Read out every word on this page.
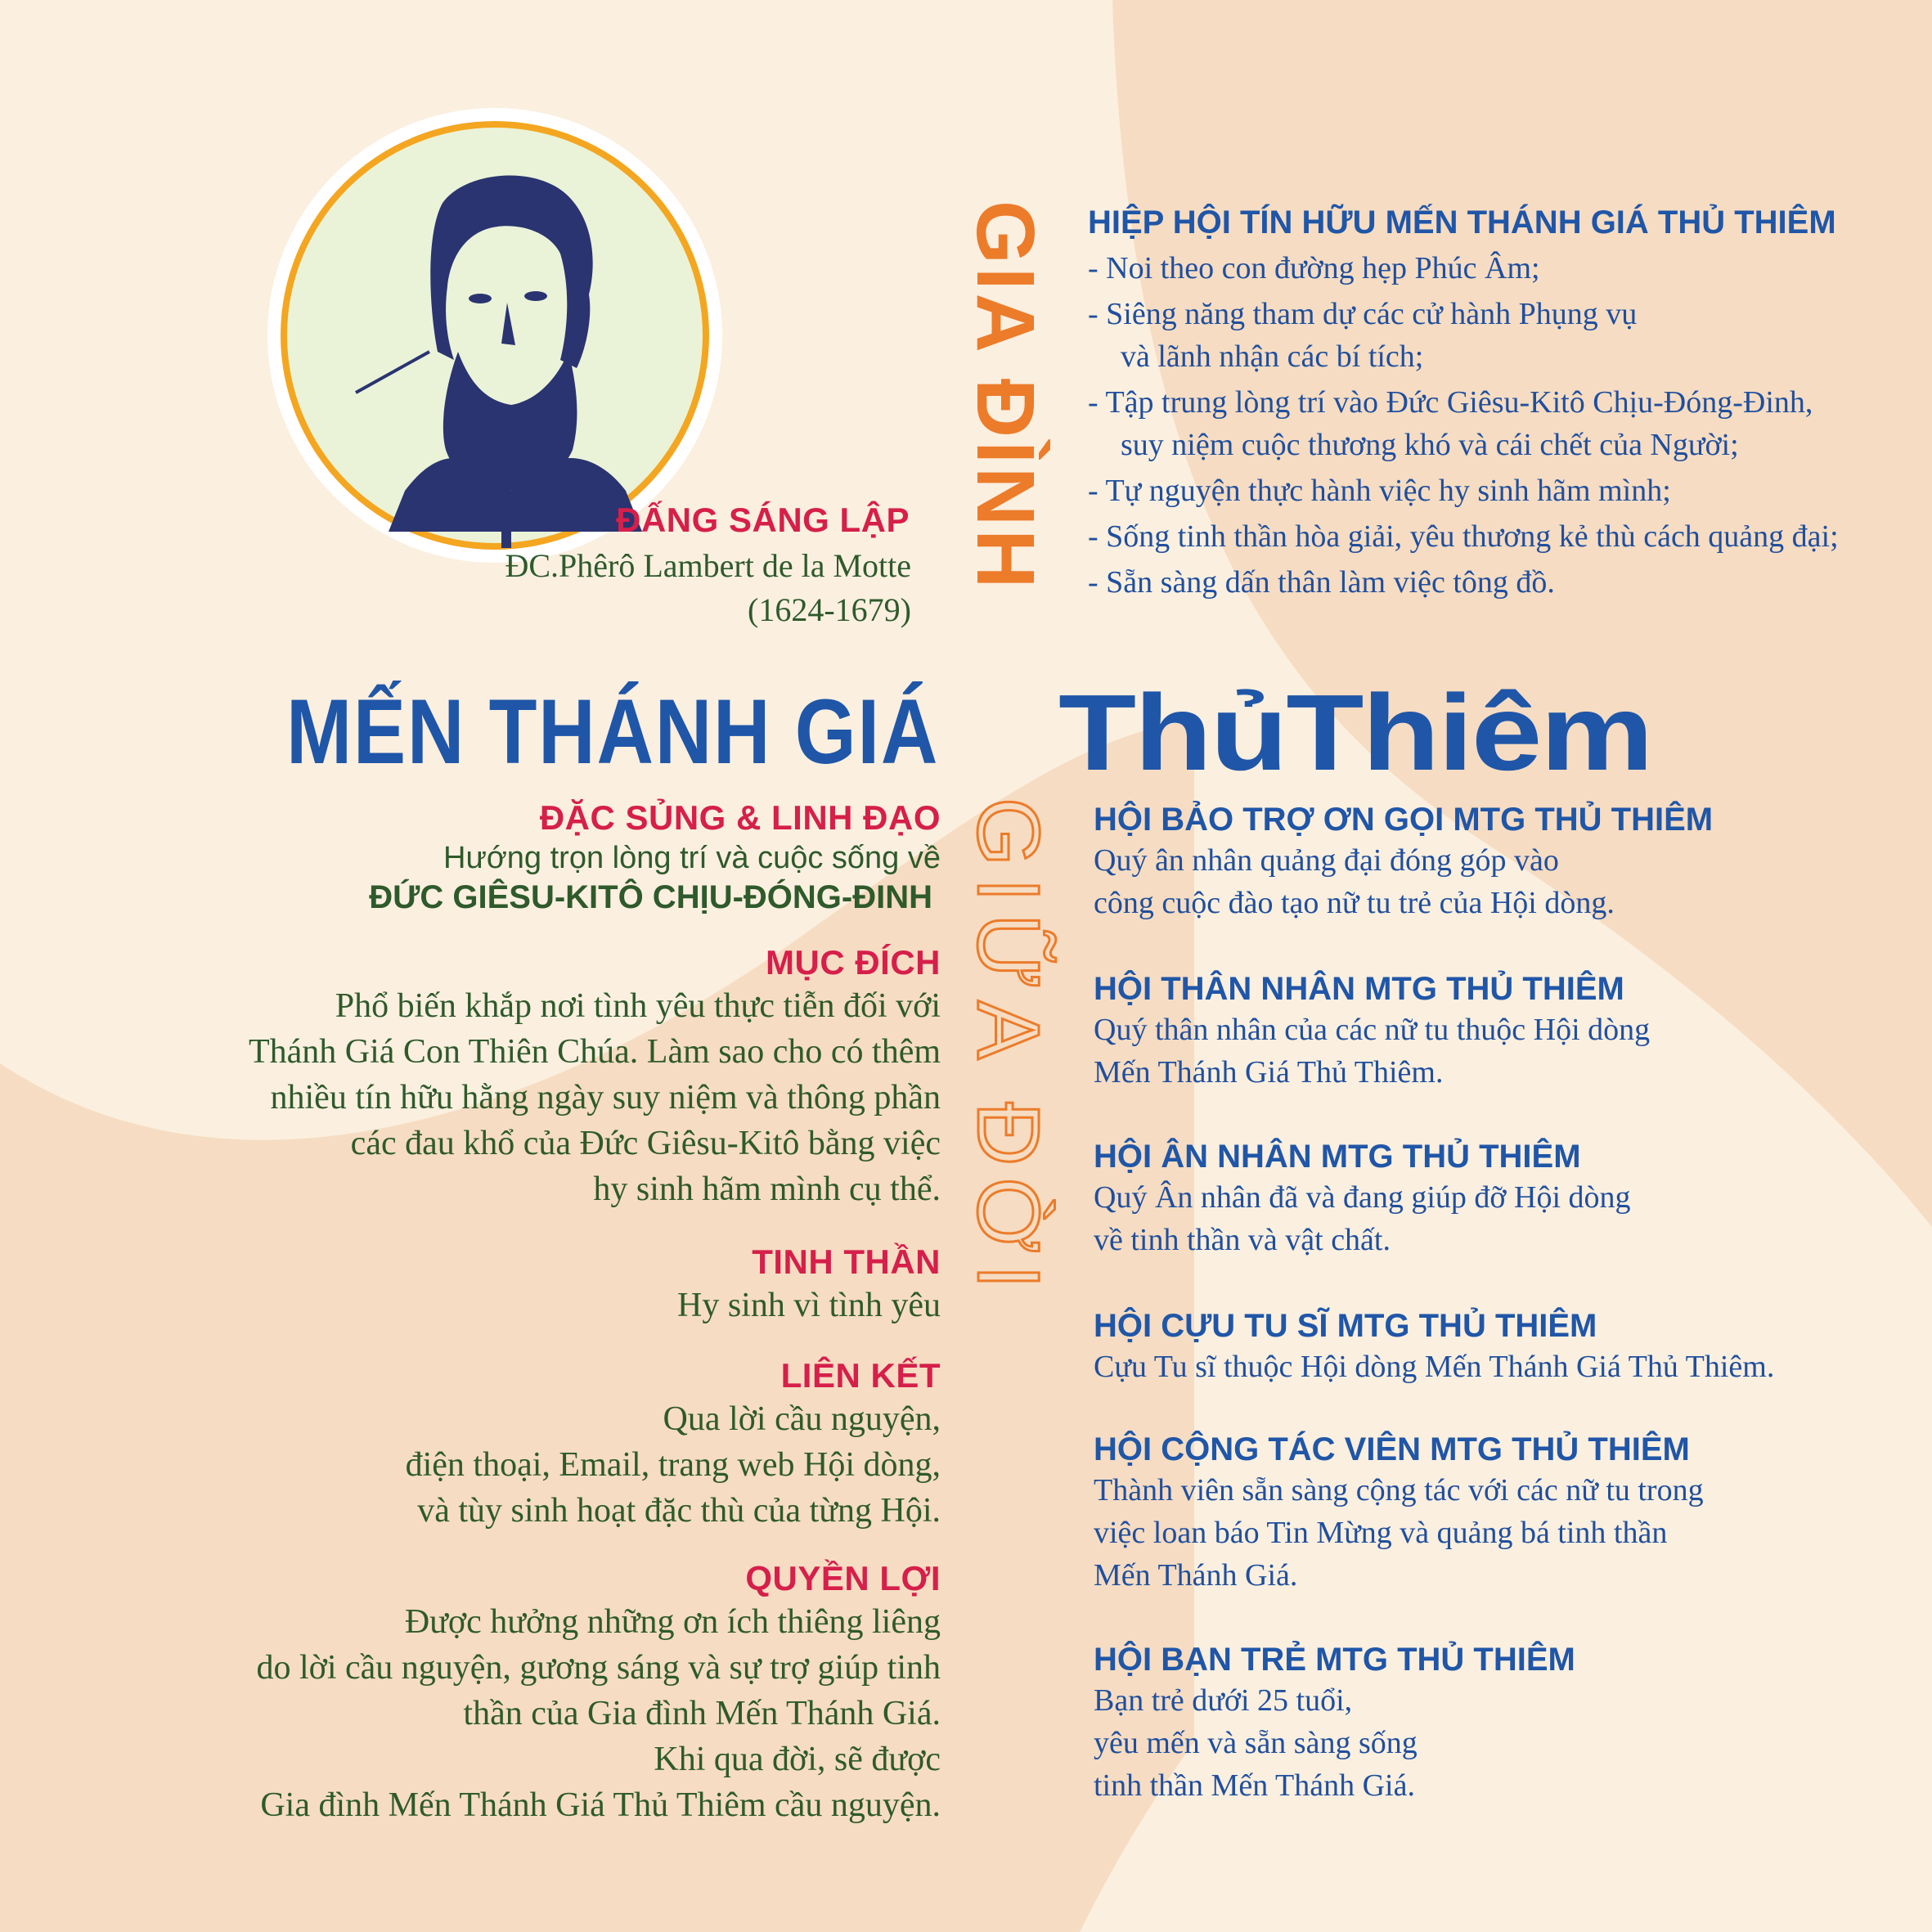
ĐẤNG SÁNG LẬP
ĐC.Phêrô Lambert de la Motte
(1624-1679)
MẾN THÁNH GIÁ ThủThiêm
GIA ĐÌNH
GIỮA ĐỜI
ĐẶC SỦNG & LINH ĐẠO
Hướng trọn lòng trí và cuộc sống về
ĐỨC GIÊSU-KITÔ CHỊU-ĐÓNG-ĐINH
MỤC ĐÍCH
Phổ biến khắp nơi tình yêu thực tiễn đối với
Thánh Giá Con Thiên Chúa. Làm sao cho có thêm
nhiều tín hữu hằng ngày suy niệm và thông phần
các đau khổ của Đức Giêsu-Kitô bằng việc
hy sinh hãm mình cụ thể.
TINH THẦN
Hy sinh vì tình yêu
LIÊN KẾT
Qua lời cầu nguyện,
điện thoại, Email, trang web Hội dòng,
và tùy sinh hoạt đặc thù của từng Hội.
QUYỀN LỢI
Được hưởng những ơn ích thiêng liêng
do lời cầu nguyện, gương sáng và sự trợ giúp tinh
thần của Gia đình Mến Thánh Giá.
Khi qua đời, sẽ được
Gia đình Mến Thánh Giá Thủ Thiêm cầu nguyện.
HIỆP HỘI TÍN HỮU MẾN THÁNH GIÁ THỦ THIÊM
- Noi theo con đường hẹp Phúc Âm;
- Siêng năng tham dự các cử hành Phụng vụ
và lãnh nhận các bí tích;
- Tập trung lòng trí vào Đức Giêsu-Kitô Chịu-Đóng-Đinh,
suy niệm cuộc thương khó và cái chết của Người;
- Tự nguyện thực hành việc hy sinh hãm mình;
- Sống tinh thần hòa giải, yêu thương kẻ thù cách quảng đại;
- Sẵn sàng dấn thân làm việc tông đồ.
HỘI BẢO TRỢ ƠN GỌI MTG THỦ THIÊM
Quý ân nhân quảng đại đóng góp vào
công cuộc đào tạo nữ tu trẻ của Hội dòng.
HỘI THÂN NHÂN MTG THỦ THIÊM
Quý thân nhân của các nữ tu thuộc Hội dòng
Mến Thánh Giá Thủ Thiêm.
HỘI ÂN NHÂN MTG THỦ THIÊM
Quý Ân nhân đã và đang giúp đỡ Hội dòng
về tinh thần và vật chất.
HỘI CỰU TU SĨ MTG THỦ THIÊM
Cựu Tu sĩ thuộc Hội dòng Mến Thánh Giá Thủ Thiêm.
HỘI CỘNG TÁC VIÊN MTG THỦ THIÊM
Thành viên sẵn sàng cộng tác với các nữ tu trong
việc loan báo Tin Mừng và quảng bá tinh thần
Mến Thánh Giá.
HỘI BẠN TRẺ MTG THỦ THIÊM
Bạn trẻ dưới 25 tuổi,
yêu mến và sẵn sàng sống
tinh thần Mến Thánh Giá.
